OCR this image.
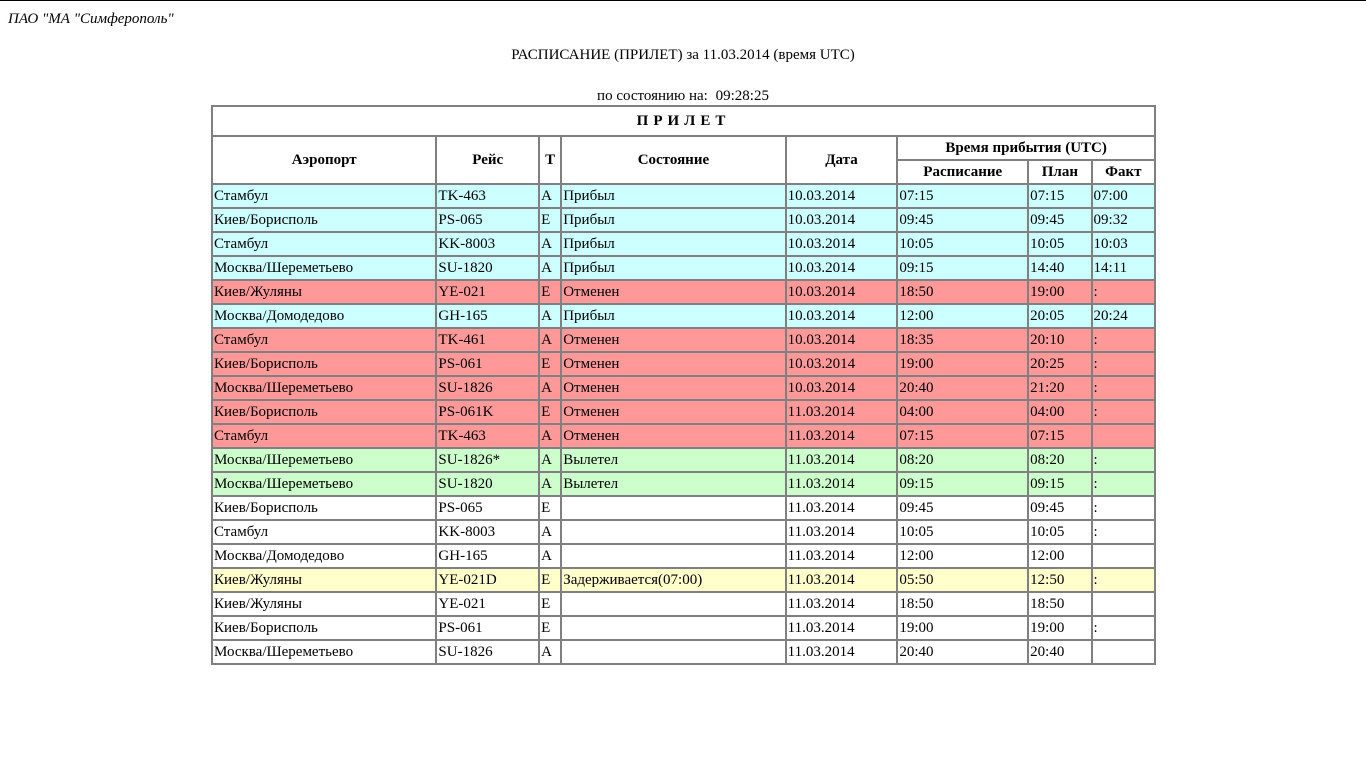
ПАО "МА "Симферополь"
РАСПИСАНИЕ (ПРИЛЕТ) за 11.03.2014 (время UTC)
по состоянию на: 09:28:25
ПРИЛЕТ							
Аэропорт	Рейс	Т	Состояние	Дата	Время прибытия (UTC)		
					Расписание	План	Факт
Стамбул	TK-463	A	Прибыл	10.03.2014	07:15	07:15	07:00
Киев/Борисполь	PS-065	E	Прибыл	10.03.2014	09:45	09:45	09:32
Стамбул	KK-8003	A	Прибыл	10.03.2014	10:05	10:05	10:03
Москва/Шереметьево	SU-1820	A	Прибыл	10.03.2014	09:15	14:40	14:11
Киев/Жуляны	YE-021	E	Отменен	10.03.2014	18:50	19:00	:
Москва/Домодедово	GH-165	A	Прибыл	10.03.2014	12:00	20:05	20:24
Стамбул	TK-461	A	Отменен	10.03.2014	18:35	20:10	:
Киев/Борисполь	PS-061	E	Отменен	10.03.2014	19:00	20:25	:
Москва/Шереметьево	SU-1826	A	Отменен	10.03.2014	20:40	21:20	:
Киев/Борисполь	PS-061K	E	Отменен	11.03.2014	04:00	04:00	:
Стамбул	TK-463	A	Отменен	11.03.2014	07:15	07:15	
Москва/Шереметьево	SU-1826*	A	Вылетел	11.03.2014	08:20	08:20	:
Москва/Шереметьево	SU-1820	A	Вылетел	11.03.2014	09:15	09:15	:
Киев/Борисполь	PS-065	E		11.03.2014	09:45	09:45	:
Стамбул	KK-8003	A		11.03.2014	10:05	10:05	:
Москва/Домодедово	GH-165	A		11.03.2014	12:00	12:00	
Киев/Жуляны	YE-021D	E	Задерживается(07:00)	11.03.2014	05:50	12:50	:
Киев/Жуляны	YE-021	E		11.03.2014	18:50	18:50	
Киев/Борисполь	PS-061	E		11.03.2014	19:00	19:00	:
Москва/Шереметьево	SU-1826	A		11.03.2014	20:40	20:40	
